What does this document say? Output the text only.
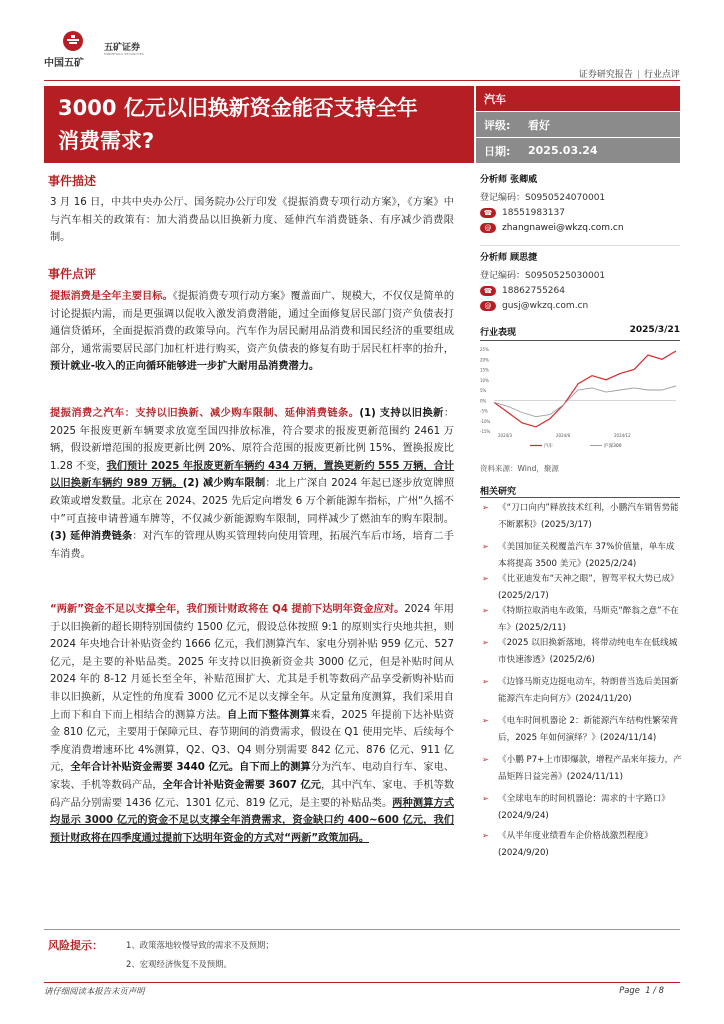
中国五矿
五矿证券
MINMETALS SECURITIES
证券研究报告 | 行业点评
3000 亿元以旧换新资金能否支持全年
消费需求?
汽车
评级:	看好
日期:	2025.03.24
事件描述
3 月 16 日，中共中央办公厅、国务院办公厅印发《提振消费专项行动方案》，《方案》中与汽车相关的政策有：加大消费品以旧换新力度、延伸汽车消费链条、有序减少消费限制。
事件点评
提振消费是全年主要目标。《提振消费专项行动方案》覆盖面广、规模大，不仅仅是简单的讨论提振内需，而是更强调以促收入激发消费潜能，通过全面修复居民部门资产负债表打通信贷循环，全面提振消费的政策导向。汽车作为居民耐用品消费和国民经济的重要组成部分，通常需要居民部门加杠杆进行购买，资产负债表的修复有助于居民杠杆率的抬升，预计就业-收入的正向循环能够进一步扩大耐用品消费潜力。
提振消费之汽车：支持以旧换新、减少购车限制、延伸消费链条。(1) 支持以旧换新：2025 年报废更新车辆要求放宽至国四排放标准，符合要求的报废更新范围约 2461 万辆，假设新增范围的报废更新比例 20%、原符合范围的报废更新比例 15%、置换报废比 1.28 不变，我们预计 2025 年报废更新车辆约 434 万辆，置换更新约 555 万辆，合计以旧换新车辆约 989 万辆。(2) 减少购车限制：北上广深自 2024 年起已逐步放宽牌照政策或增发数量。北京在 2024、2025 先后定向增发 6 万个新能源车指标，广州“久摇不中”可直接申请普通车牌等，不仅减少新能源购车限制，同样减少了燃油车的购车限制。(3) 延伸消费链条：对汽车的管理从购买管理转向使用管理，拓展汽车后市场，培育二手车消费。
“两新”资金不足以支撑全年，我们预计财政将在 Q4 提前下达明年资金应对。2024 年用于以旧换新的超长期特别国债约 1500 亿元，假设总体按照 9:1 的原则实行央地共担，则 2024 年央地合计补贴资金约 1666 亿元，我们测算汽车、家电分别补贴 959 亿元、527 亿元，是主要的补贴品类。2025 年支持以旧换新资金共 3000 亿元，但是补贴时间从 2024 年的 8-12 月延长至全年，补贴范围扩大、尤其是手机等数码产品享受新购补贴而非以旧换新，从定性的角度看 3000 亿元不足以支撑全年。从定量角度测算，我们采用自上而下和自下而上相结合的测算方法。自上而下整体测算来看，2025 年提前下达补贴资金 810 亿元，主要用于保障元旦、春节期间的消费需求，假设在 Q1 使用完毕、后续每个季度消费增速环比 4%测算，Q2、Q3、Q4 则分别需要 842 亿元、876 亿元、911 亿元，全年合计补贴资金需要 3440 亿元。自下而上的测算分为汽车、电动自行车、家电、家装、手机等数码产品，全年合计补贴资金需要 3607 亿元，其中汽车、家电、手机等数码产品分别需要 1436 亿元、1301 亿元、819 亿元，是主要的补贴品类。两种测算方式均显示 3000 亿元的资金不足以支撑全年消费需求，资金缺口约 400~600 亿元，我们预计财政将在四季度通过提前下达明年资金的方式对“两新”政策加码。
分析师 张卿威
登记编码：S0950524070001
☎	18551983137
@	zhangnawei@wkzq.com.cn
分析师 顾思捷
登记编码：S0950525030001
☎	18862755264
@	gusj@wkzq.com.cn
行业表现	2025/3/21
25%
20%
15%
10%
5%
0%
-5%
-10%
-15%
2024/3	2024/8	2024/12
汽车	沪深300
资料来源：Wind，聚源
相关研究
➢	《“刀口向内”释放技术红利，小鹏汽车销售势能不断累积》(2025/3/17)
➢	《美国加征关税覆盖汽车 37%价值量，单车成本将提高 3500 美元》(2025/2/24)
➢	《比亚迪发布“天神之眼”，智驾平权大势已成》(2025/2/17)
➢	《特斯拉取消电车政策，马斯克“醉翁之意”不在车》(2025/2/11)
➢	《2025 以旧换新落地，将带动纯电车在低线城市快速渗透》(2025/2/6)
➢	《边锋马斯克边挺电动车，特朗普当选后美国新能源汽车走向何方》(2024/11/20)
➢	《电车时间机器论 2：新能源汽车结构性繁荣背后，2025 年如何演绎？》(2024/11/14)
➢	《小鹏 P7+上市即爆款，增程产品来年接力，产品矩阵日益完善》(2024/11/11)
➢	《全球电车的时间机器论：需求的十字路口》(2024/9/24)
➢	《从半年度业绩看车企价格战激烈程度》(2024/9/20)
风险提示：	1、政策落地较慢导致的需求不及预期；
2、宏观经济恢复不及预期。
请仔细阅读本报告末页声明	Page 1 / 8
